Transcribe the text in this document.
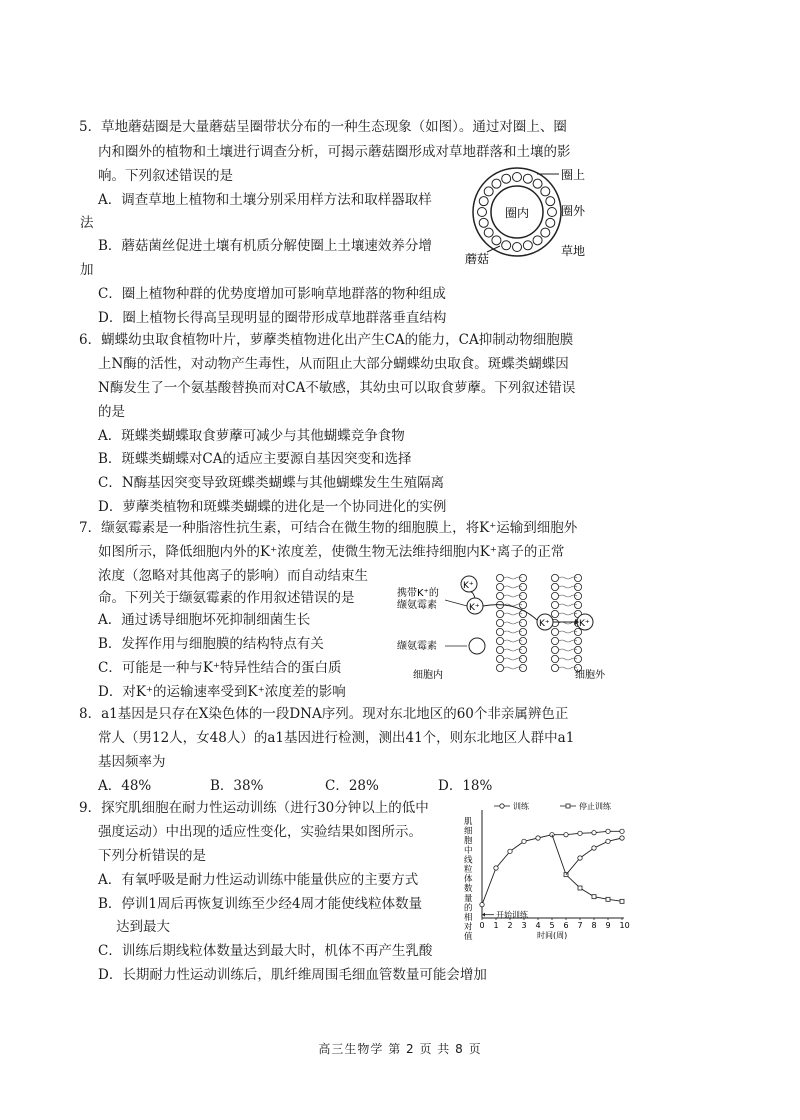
5．草地蘑菇圈是大量蘑菇呈圈带状分布的一种生态现象（如图）。通过对圈上、圈
内和圈外的植物和土壤进行调查分析，可揭示蘑菇圈形成对草地群落和土壤的影
响。下列叙述错误的是
A．调查草地上植物和土壤分别采用样方法和取样器取样
法
B．蘑菇菌丝促进土壤有机质分解使圈上土壤速效养分增
加
C．圈上植物种群的优势度增加可影响草地群落的物种组成
D．圈上植物长得高呈现明显的圈带形成草地群落垂直结构
圈内
圈上
圈外
蘑菇
草地
6．蝴蝶幼虫取食植物叶片，萝藦类植物进化出产生CA的能力，CA抑制动物细胞膜
上N酶的活性，对动物产生毒性，从而阻止大部分蝴蝶幼虫取食。斑蝶类蝴蝶因
N酶发生了一个氨基酸替换而对CA不敏感，其幼虫可以取食萝藦。下列叙述错误
的是
A．斑蝶类蝴蝶取食萝藦可减少与其他蝴蝶竞争食物
B．斑蝶类蝴蝶对CA的适应主要源自基因突变和选择
C．N酶基因突变导致斑蝶类蝴蝶与其他蝴蝶发生生殖隔离
D．萝藦类植物和斑蝶类蝴蝶的进化是一个协同进化的实例
7．缬氨霉素是一种脂溶性抗生素，可结合在微生物的细胞膜上，将K⁺运输到细胞外
如图所示，降低细胞内外的K⁺浓度差，使微生物无法维持细胞内K⁺离子的正常
浓度（忽略对其他离子的影响）而自动结束生
命。下列关于缬氨霉素的作用叙述错误的是
A．通过诱导细胞坏死抑制细菌生长
B．发挥作用与细胞膜的结构特点有关
C．可能是一种与K⁺特异性结合的蛋白质
D．对K⁺的运输速率受到K⁺浓度差的影响
K⁺
K⁺
K⁺	K⁺
携带K⁺的
缬氨霉素
缬氨霉素
细胞内	细胞外
8．a1基因是只存在X染色体的一段DNA序列。现对东北地区的60个非亲属辨色正
常人（男12人，女48人）的a1基因进行检测，测出41个，则东北地区人群中a1
基因频率为
A．48%	B．38%	C．28%	D．18%
9．探究肌细胞在耐力性运动训练（进行30分钟以上的低中
强度运动）中出现的适应性变化，实验结果如图所示。
下列分析错误的是
A．有氧呼吸是耐力性运动训练中能量供应的主要方式
B．停训1周后再恢复训练至少经4周才能使线粒体数量
达到最大
C．训练后期线粒体数量达到最大时，机体不再产生乳酸
D．长期耐力性运动训练后，肌纤维周围毛细血管数量可能会增加
训练	停止训练
肌
细
胞
中
线
粒
体
数
量
的
相
对
值
开始训练
0 1 2 3 4 5 6 7 8 9 10
时间(周)
高三生物学 第 2 页 共 8 页
